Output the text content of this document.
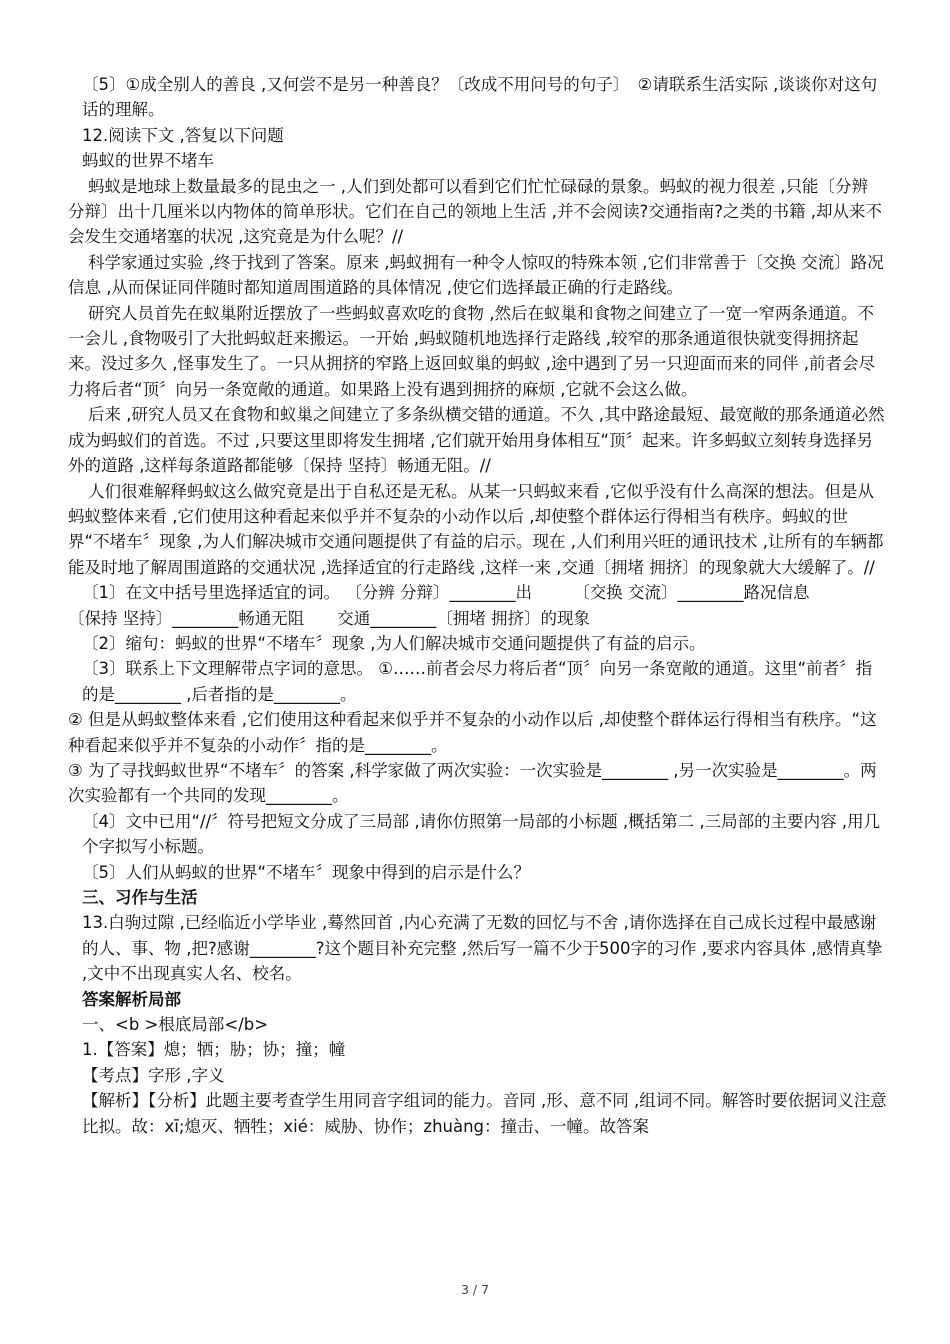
〔5〕①成全别人的善良 ,又何尝不是另一种善良？〔改成不用问号的句子〕　②请联系生活实际 ,谈谈你对这句话的理解。

12.阅读下文 ,答复以下问题

蚂蚁的世界不堵车

蚂蚁是地球上数量最多的昆虫之一 ,人们到处都可以看到它们忙忙碌碌的景象。蚂蚁的视力很差 ,只能〔分辨 分辩〕出十几厘米以内物体的简单形状。它们在自己的领地上生活 ,并不会阅读?交通指南?之类的书籍 ,却从来不会发生交通堵塞的状况 ,这究竟是为什么呢？//

科学家通过实验 ,终于找到了答案。原来 ,蚂蚁拥有一种令人惊叹的特殊本领 ,它们非常善于〔交换 交流〕路况信息 ,从而保证同伴随时都知道周围道路的具体情况 ,使它们选择最正确的行走路线。

研究人员首先在蚁巢附近摆放了一些蚂蚁喜欢吃的食物 ,然后在蚁巢和食物之间建立了一宽一窄两条通道。不一会儿 ,食物吸引了大批蚂蚁赶来搬运。一开始 ,蚂蚁随机地选择行走路线 ,较窄的那条通道很快就变得拥挤起来。没过多久 ,怪事发生了。一只从拥挤的窄路上返回蚁巢的蚂蚁 ,途中遇到了另一只迎面而来的同伴 ,前者会尽力将后者“顶〞向另一条宽敞的通道。如果路上没有遇到拥挤的麻烦 ,它就不会这么做。

后来 ,研究人员又在食物和蚁巢之间建立了多条纵横交错的通道。不久 ,其中路途最短、最宽敞的那条通道必然成为蚂蚁们的首选。不过 ,只要这里即将发生拥堵 ,它们就开始用身体相互“顶〞起来。许多蚂蚁立刻转身选择另外的道路 ,这样每条道路都能够〔保持 坚持〕畅通无阻。//

人们很难解释蚂蚁这么做究竟是出于自私还是无私。从某一只蚂蚁来看 ,它似乎没有什么高深的想法。但是从蚂蚁整体来看 ,它们使用这种看起来似乎并不复杂的小动作以后 ,却使整个群体运行得相当有秩序。蚂蚁的世界“不堵车〞现象 ,为人们解决城市交通问题提供了有益的启示。现在 ,人们利用兴旺的通讯技术 ,让所有的车辆都能及时地了解周围道路的交通状况 ,选择适宜的行走路线 ,这样一来 ,交通〔拥堵 拥挤〕的现象就大大缓解了。//

〔1〕在文中括号里选择适宜的词。 〔分辨 分辩〕________出　　　〔交换 交流〕________路况信息

〔保持 坚持〕________畅通无阻　　交通________〔拥堵 拥挤〕的现象

〔2〕缩句：蚂蚁的世界“不堵车〞现象 ,为人们解决城市交通问题提供了有益的启示。

〔3〕联系上下文理解带点字词的意思。 ①……前者会尽力将后者“顶〞向另一条宽敞的通道。这里“前者〞指的是________ ,后者指的是________。

② 但是从蚂蚁整体来看 ,它们使用这种看起来似乎并不复杂的小动作以后 ,却使整个群体运行得相当有秩序。“这种看起来似乎并不复杂的小动作〞指的是________。

③ 为了寻找蚂蚁世界“不堵车〞的答案 ,科学家做了两次实验：一次实验是________ ,另一次实验是________。两次实验都有一个共同的发现________。

〔4〕文中已用“//〞符号把短文分成了三局部 ,请你仿照第一局部的小标题 ,概括第二 ,三局部的主要内容 ,用几个字拟写小标题。

〔5〕人们从蚂蚁的世界“不堵车〞现象中得到的启示是什么？

三、习作与生活

13.白驹过隙 ,已经临近小学毕业 ,蓦然回首 ,内心充满了无数的回忆与不舍 ,请你选择在自己成长过程中最感谢的人、事、物 ,把?感谢________?这个题目补充完整 ,然后写一篇不少于500字的习作 ,要求内容具体 ,感情真挚 ,文中不出现真实人名、校名。

答案解析局部

一、<b >根底局部</b>

1.【答案】熄；牺；胁；协；撞；幢

【考点】字形 ,字义

【解析】【分析】此题主要考查学生用同音字组词的能力。音同 ,形、意不同 ,组词不同。解答时要依据词义注意比拟。故：xī;熄灭、牺牲；xié：威胁、协作；zhuàng：撞击、一幢。故答案

3 / 7
